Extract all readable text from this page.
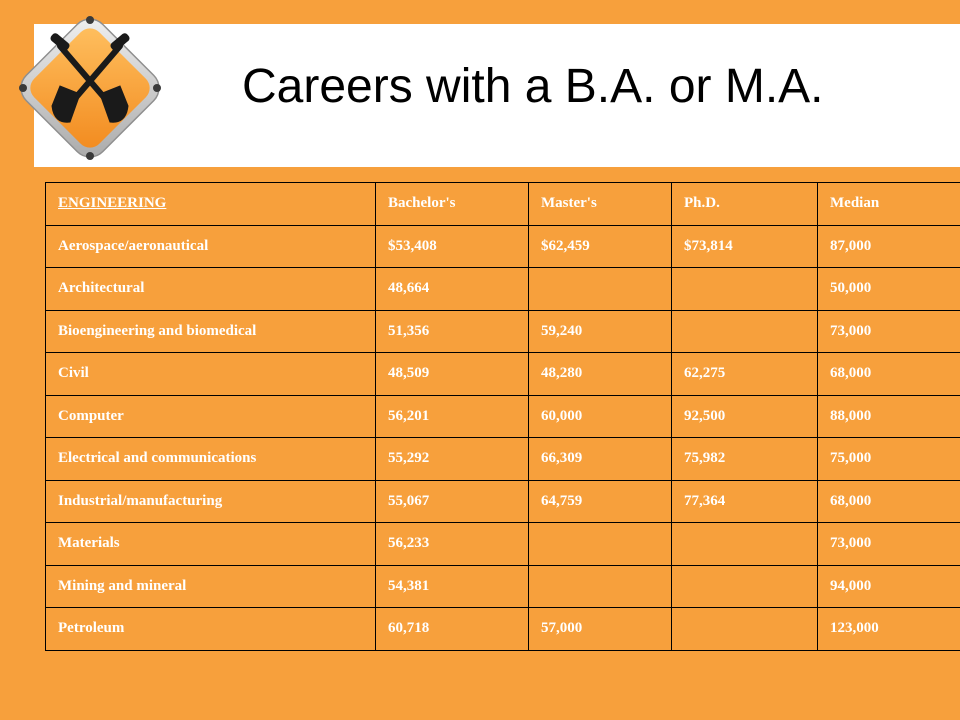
Careers with a B.A. or M.A.
ENGINEERING	Bachelor's	Master's	Ph.D.	Median
Aerospace/aeronautical	$53,408	$62,459	$73,814	87,000
Architectural	48,664			50,000
Bioengineering and biomedical	51,356	59,240		73,000
Civil	48,509	48,280	62,275	68,000
Computer	56,201	60,000	92,500	88,000
Electrical and communications	55,292	66,309	75,982	75,000
Industrial/manufacturing	55,067	64,759	77,364	68,000
Materials	56,233			73,000
Mining and mineral	54,381			94,000
Petroleum	60,718	57,000		123,000
